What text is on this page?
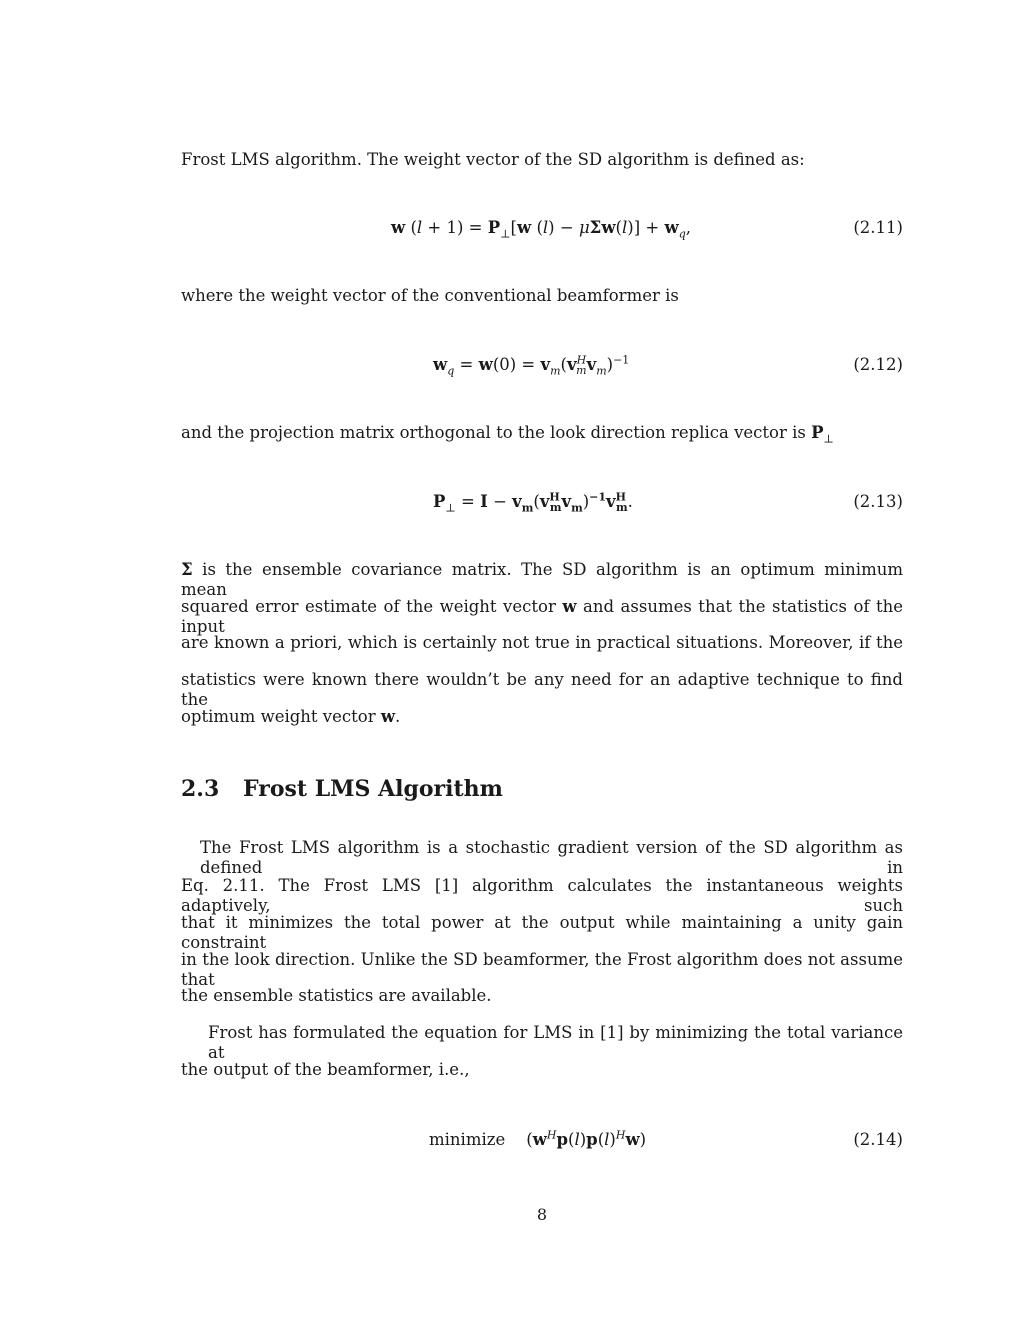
Frost LMS algorithm. The weight vector of the SD algorithm is defined as:
w $(l + 1) = P_\perp[w$ $(l) - \mu\Sigma w(l)] + w_q$,	(2.11)
where the weight vector of the conventional beamformer is
$w_q = w(0) = v_m(v^H_mv_m)^{-1}$	(2.12)
and the projection matrix orthogonal to the look direction replica vector is $P_\perp$
$P_\perp = I - v_m(v^H_mv_m)^{-1}v^H_m$.	(2.13)
Σ is the ensemble covariance matrix. The SD algorithm is an optimum minimum mean
squared error estimate of the weight vector w and assumes that the statistics of the input
are known a priori, which is certainly not true in practical situations. Moreover, if the
statistics were known there wouldn’t be any need for an adaptive technique to find the
optimum weight vector w.
2.3 Frost LMS Algorithm
The Frost LMS algorithm is a stochastic gradient version of the SD algorithm as defined in
Eq. 2.11. The Frost LMS [1] algorithm calculates the instantaneous weights adaptively, such
that it minimizes the total power at the output while maintaining a unity gain constraint
in the look direction. Unlike the SD beamformer, the Frost algorithm does not assume that
the ensemble statistics are available.
Frost has formulated the equation for LMS in [1] by minimizing the total variance at
the output of the beamformer, i.e.,
minimize    $(w^Hp(l)p(l)^Hw)$	(2.14)
8
